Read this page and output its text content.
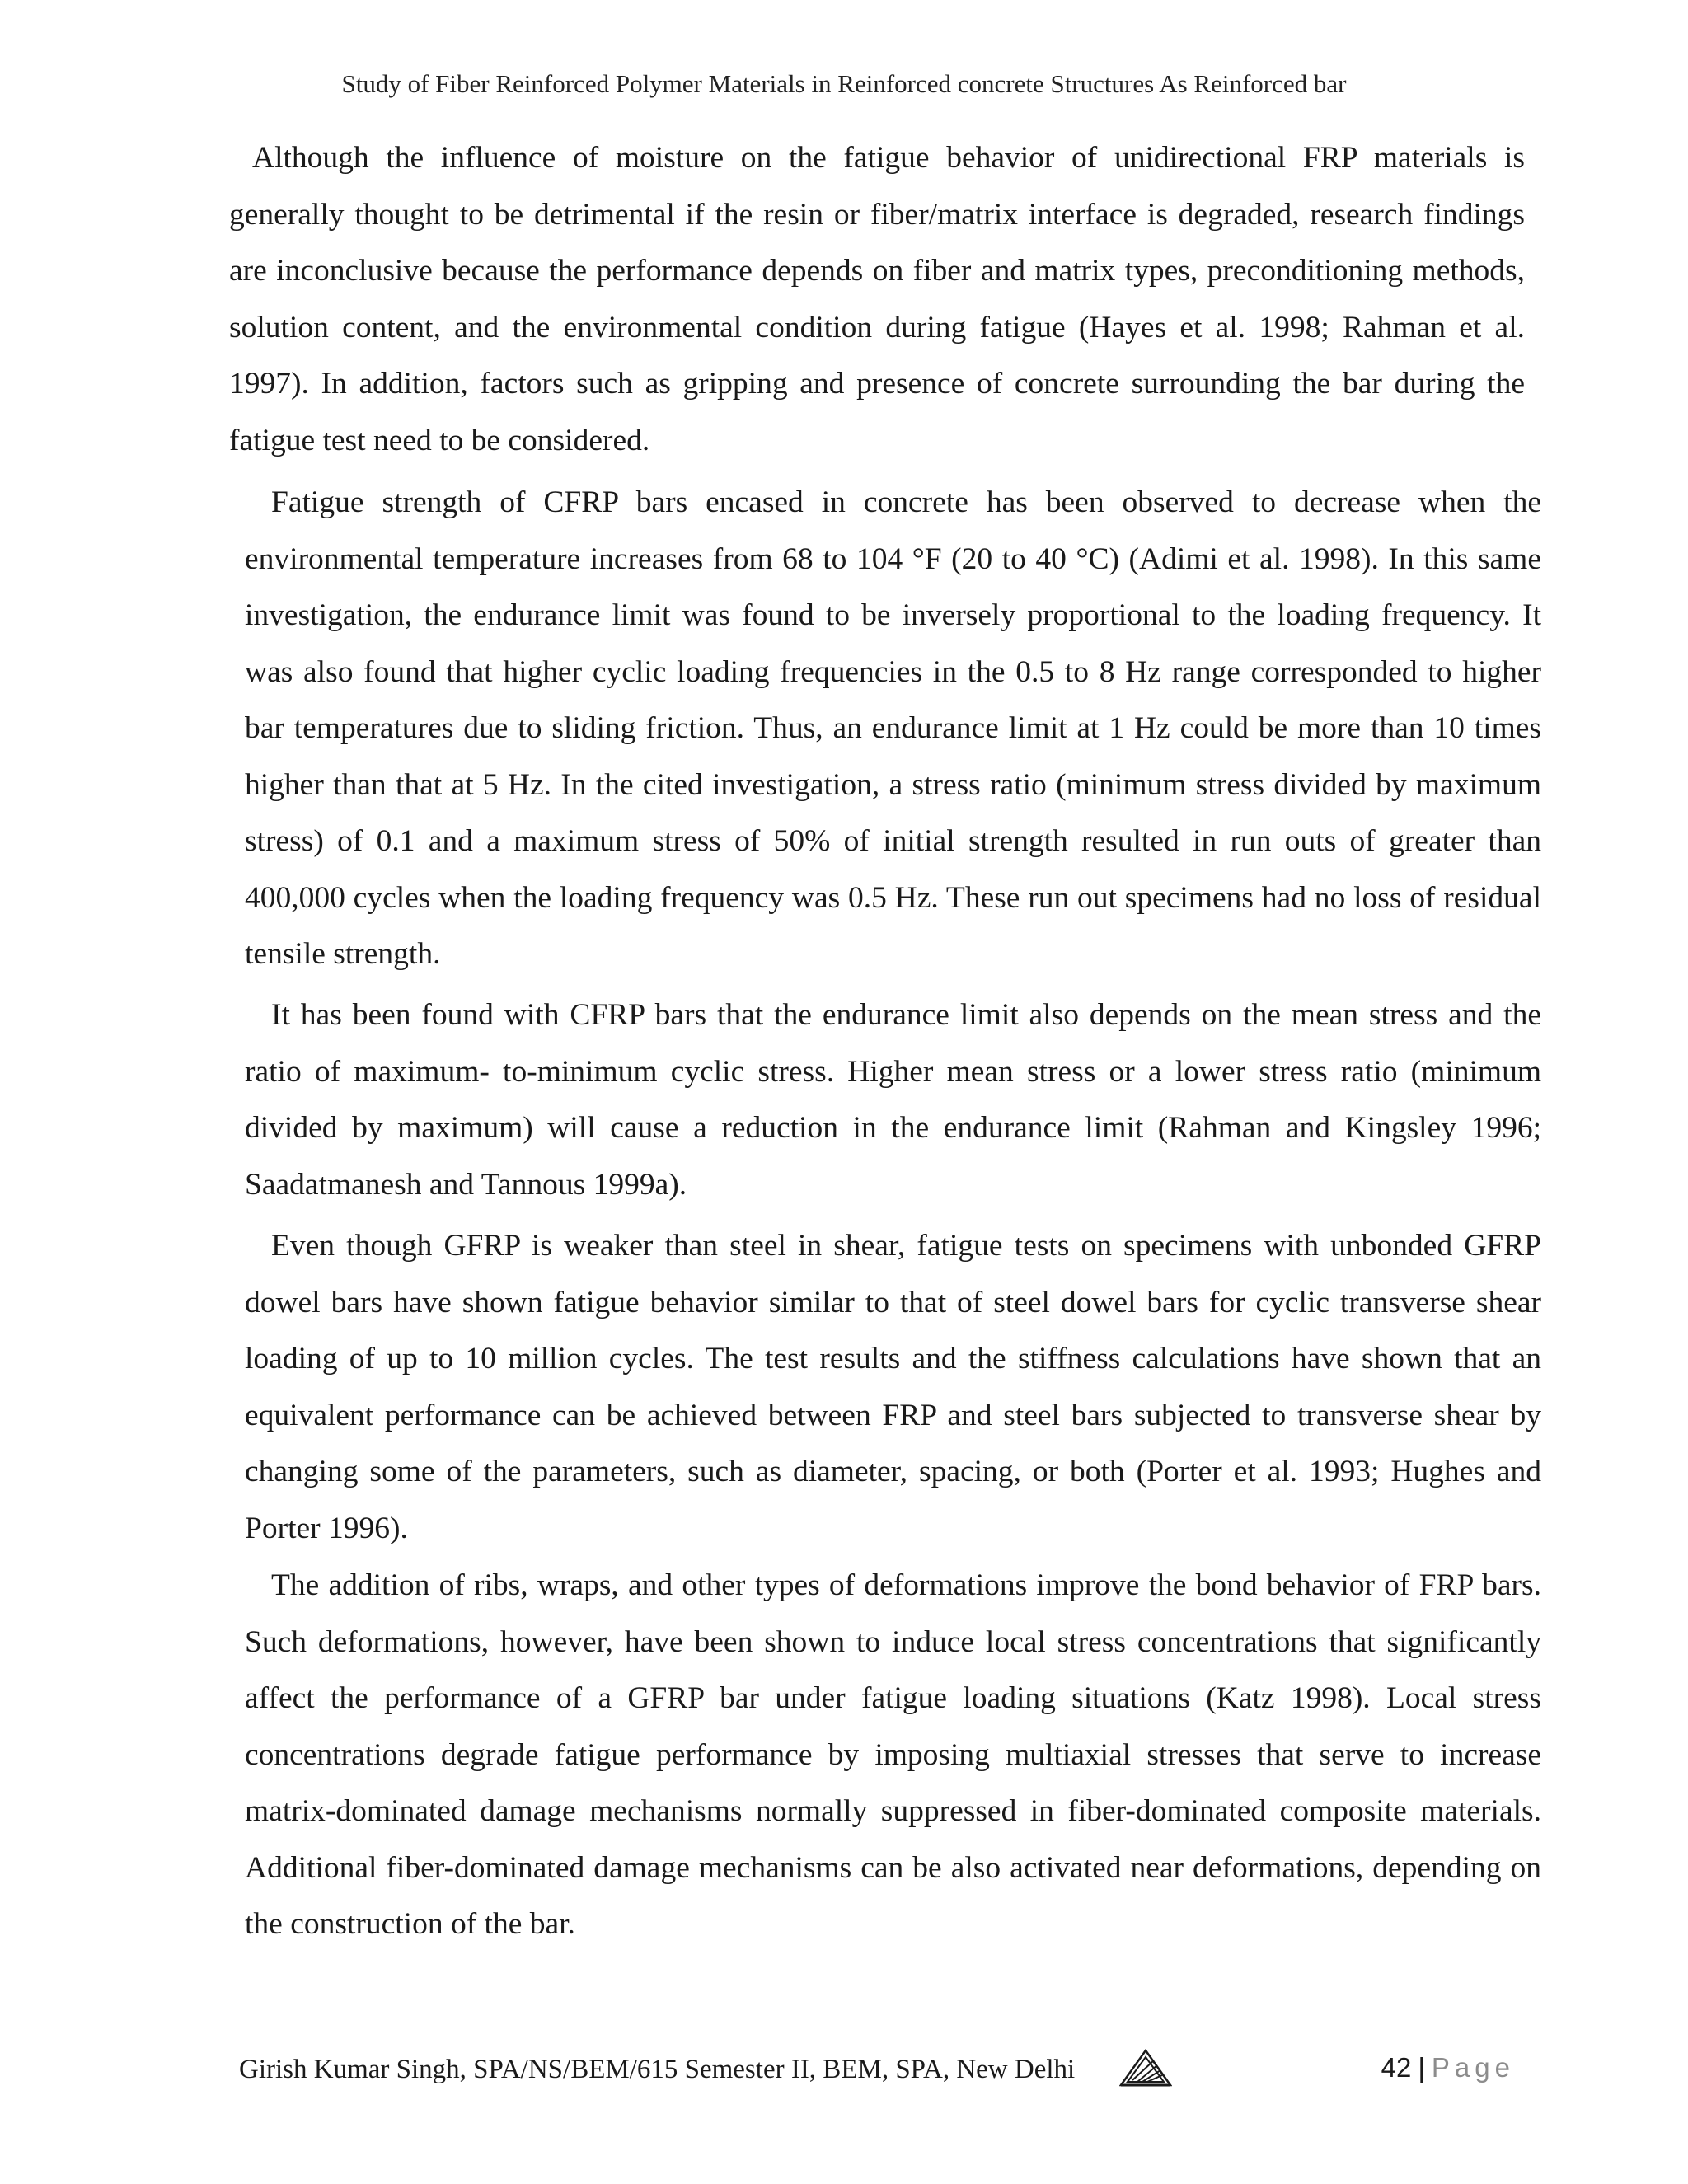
Study of Fiber Reinforced Polymer Materials in Reinforced concrete Structures As Reinforced bar

Although the influence of moisture on the fatigue behavior of unidirectional FRP materials is generally thought to be detrimental if the resin or fiber/matrix interface is degraded, research findings are inconclusive because the performance depends on fiber and matrix types, preconditioning methods, solution content, and the environmental condition during fatigue (Hayes et al. 1998; Rahman et al. 1997). In addition, factors such as gripping and presence of concrete surrounding the bar during the fatigue test need to be considered.

Fatigue strength of CFRP bars encased in concrete has been observed to decrease when the environmental temperature increases from 68 to 104 °F (20 to 40 °C) (Adimi et al. 1998). In this same investigation, the endurance limit was found to be inversely proportional to the loading frequency. It was also found that higher cyclic loading frequencies in the 0.5 to 8 Hz range corresponded to higher bar temperatures due to sliding friction. Thus, an endurance limit at 1 Hz could be more than 10 times higher than that at 5 Hz. In the cited investigation, a stress ratio (minimum stress divided by maximum stress) of 0.1 and a maximum stress of 50% of initial strength resulted in run outs of greater than 400,000 cycles when the loading frequency was 0.5 Hz. These run out specimens had no loss of residual tensile strength.

It has been found with CFRP bars that the endurance limit also depends on the mean stress and the ratio of maximum- to-minimum cyclic stress. Higher mean stress or a lower stress ratio (minimum divided by maximum) will cause a reduction in the endurance limit (Rahman and Kingsley 1996; Saadatmanesh and Tannous 1999a).

Even though GFRP is weaker than steel in shear, fatigue tests on specimens with unbonded GFRP dowel bars have shown fatigue behavior similar to that of steel dowel bars for cyclic transverse shear loading of up to 10 million cycles. The test results and the stiffness calculations have shown that an equivalent performance can be achieved between FRP and steel bars subjected to transverse shear by changing some of the parameters, such as diameter, spacing, or both (Porter et al. 1993; Hughes and Porter 1996).

The addition of ribs, wraps, and other types of deformations improve the bond behavior of FRP bars. Such deformations, however, have been shown to induce local stress concentrations that significantly affect the performance of a GFRP bar under fatigue loading situations (Katz 1998). Local stress concentrations degrade fatigue performance by imposing multiaxial stresses that serve to increase matrix-dominated damage mechanisms normally suppressed in fiber-dominated composite materials. Additional fiber-dominated damage mechanisms can be also activated near deformations, depending on the construction of the bar.

Girish Kumar Singh, SPA/NS/BEM/615 Semester II, BEM, SPA, New Delhi	42 | Page
